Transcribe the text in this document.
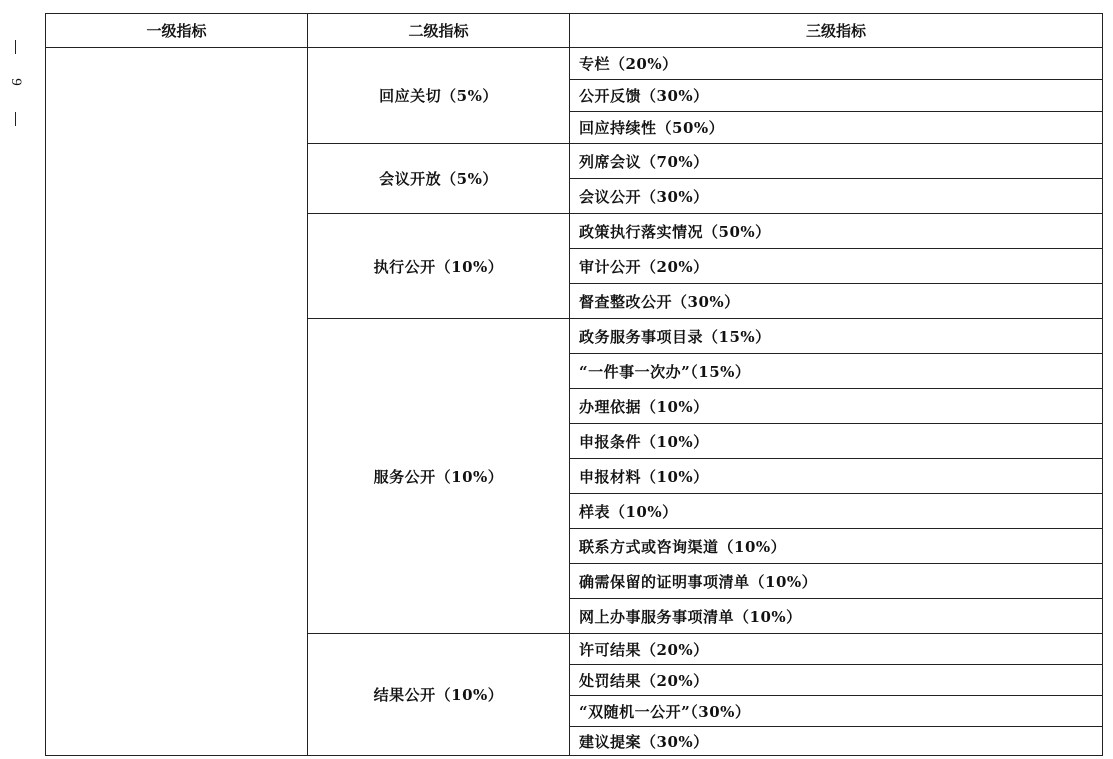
9
一级指标	二级指标	三级指标
	回应关切（5%）	专栏（20%）
		公开反馈（30%）
		回应持续性（50%）
	会议开放（5%）	列席会议（70%）
		会议公开（30%）
	执行公开（10%）	政策执行落实情况（50%）
		审计公开（20%）
		督查整改公开（30%）
	服务公开（10%）	政务服务事项目录（15%）
		“一件事一次办”（15%）
		办理依据（10%）
		申报条件（10%）
		申报材料（10%）
		样表（10%）
		联系方式或咨询渠道（10%）
		确需保留的证明事项清单（10%）
		网上办事服务事项清单（10%）
	结果公开（10%）	许可结果（20%）
		处罚结果（20%）
		“双随机一公开”（30%）
		建议提案（30%）
